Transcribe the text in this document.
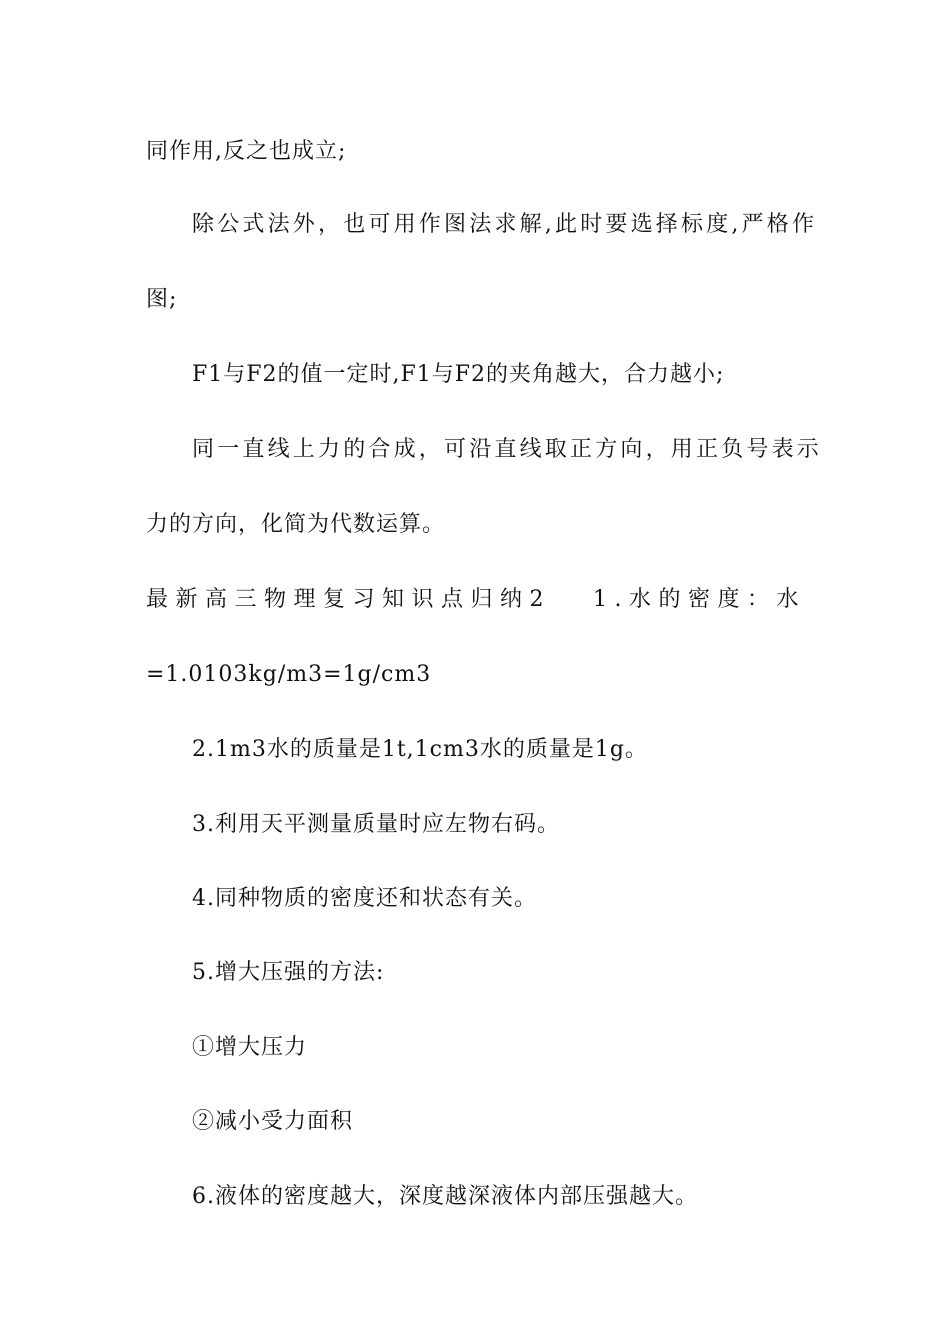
同作用,反之也成立;
除公式法外，也可用作图法求解,此时要选择标度,严格作
图;
F1与F2的值一定时,F1与F2的夹角越大，合力越小;
同一直线上力的合成，可沿直线取正方向，用正负号表示
力的方向，化简为代数运算。
最新高三物理复习知识点归纳2 1.水的密度：水
=1.0103kg/m3=1g/cm3
2.1m3水的质量是1t,1cm3水的质量是1g。
3.利用天平测量质量时应左物右码。
4.同种物质的密度还和状态有关。
5.增大压强的方法:
①增大压力
②减小受力面积
6.液体的密度越大，深度越深液体内部压强越大。
